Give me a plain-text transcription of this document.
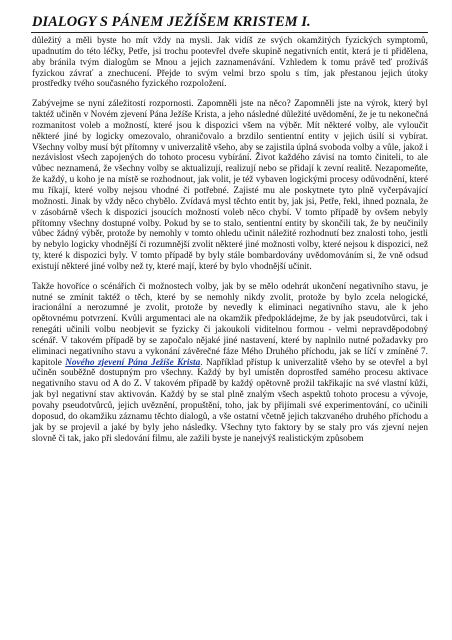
DIALOGY S PÁNEM JEŽÍŠEM KRISTEM I.

důležitý a měli byste ho mít vždy na mysli. Jak vidíš ze svých okamžitých fyzických symptomů, upadnutím do této léčky, Petře, jsi trochu pootevřel dveře skupině negativních entit, která je ti přidělena, aby bránila tvým dialogům se Mnou a jejich zaznamenávání. Vzhledem k tomu právě teď prožíváš fyzickou závrať a znechucení. Přejde to svým velmi brzo spolu s tím, jak přestanou jejich útoky prostředky tvého současného fyzického rozpoložení.

Zabývejme se nyní záležitostí rozpornosti. Zapomněli jste na něco? Zapomněli jste na výrok, který byl taktéž učiněn v Novém zjevení Pána Ježíše Krista, a jeho následné důležité uvědomění, že je tu nekonečná rozmanitost voleb a možností, které jsou k dispozici všem na výběr. Mít některé volby, ale vyloučit některé jiné by logicky omezovalo, ohraničovalo a brzdilo sentientní entity v jejich úsilí si vybírat. Všechny volby musí být přítomny v univerzalitě všeho, aby se zajistila úplná svoboda volby a vůle, jakož i nezávislost všech zapojených do tohoto procesu vybírání. Život každého závisí na tomto činiteli, to ale vůbec neznamená, že všechny volby se aktualizují, realizují nebo se přidají k zevní realitě. Nezapomeňte, že každý, u koho je na místě se rozhodnout, jak volit, je též vybaven logickými procesy odůvodnění, které mu říkají, které volby nejsou vhodné či potřebné. Zajisté mu ale poskytnete tyto plně vyčerpávající možnosti. Jinak by vždy něco chybělo. Zvídavá mysl těchto entit by, jak jsi, Petře, řekl, ihned poznala, že v zásobárně všech k dispozici jsoucích možností voleb něco chybí. V tomto případě by ovšem nebyly přítomny všechny dostupné volby. Pokud by se to stalo, sentientní entity by skončili tak, že by neučinily vůbec žádný výběr, protože by nemohly v tomto ohledu učinit náležité rozhodnutí bez znalosti toho, jestli by nebylo logicky vhodnější či rozumnější zvolit některé jiné možnosti volby, které nejsou k dispozici, než ty, které k dispozici byly. V tomto případě by byly stále bombardovány uvědomováním si, že vně odsud existují některé jiné volby než ty, které mají, které by bylo vhodnější učinit.

Takže hovoříce o scénářích či možnostech volby, jak by se mělo odehrát ukončení negativního stavu, je nutné se zmínit taktéž o těch, které by se nemohly nikdy zvolit, protože by bylo zcela nelogické, iracionální a nerozumné je zvolit, protože by nevedly k eliminaci negativního stavu, ale k jeho opětovnému potvrzení. Kvůli argumentaci ale na okamžik předpokládejme, že by jak pseudotvůrci, tak i renegáti učinili volbu neobjevit se fyzicky či jakoukoli viditelnou formou - velmi nepravděpodobný scénář. V takovém případě by se započalo nějaké jiné nastavení, které by naplnilo nutné požadavky pro eliminaci negativního stavu a vykonání závěrečné fáze Mého Druhého příchodu, jak se líčí v zmíněné 7. kapitole Nového zjevení Pána Ježíše Krista. Například přístup k univerzalitě všeho by se otevřel a byl učiněn souběžně dostupným pro všechny. Každý by byl umístěn doprostřed samého procesu aktivace negativního stavu od A do Z. V takovém případě by každý opětovně prožil takřikajíc na své vlastní kůži, jak byl negativní stav aktivován. Každý by se stal plně znalým všech aspektů tohoto procesu a vývoje, povahy pseudotvůrců, jejich uvěznění, propuštění, toho, jak by přijímali své experimentování, co učinili doposud, do okamžiku záznamu těchto dialogů, a vše ostatní včetně jejich takzvaného druhého příchodu a jak by se projevil a jaké by byly jeho následky. Všechny tyto faktory by se staly pro vás zjevní nejen slovně či tak, jako při sledování filmu, ale zažili byste je nanejvýš realistickým způsobem
